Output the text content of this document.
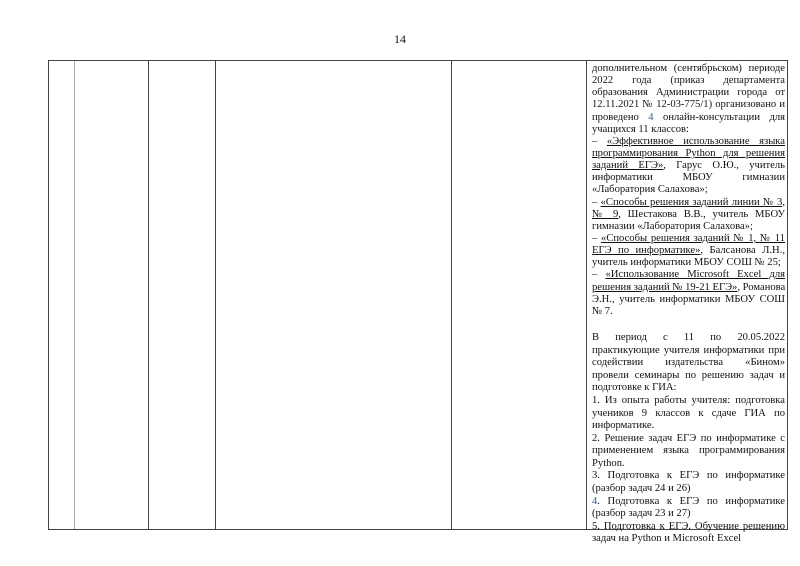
14
дополнительном (сентябрьском) периоде
2022 года (приказ департамента
образования Администрации города от
12.11.2021 № 12-03-775/1) организовано и
проведено 4 онлайн-консультации для
учащихся 11 классов:
– «Эффективное использование языка
программирования Python для решения
заданий ЕГЭ», Гарус О.Ю., учитель
информатики МБОУ гимназии
«Лаборатория Салахова»;
– «Способы решения заданий линии № 3,
№ 9, Шестакова В.В., учитель МБОУ
гимназии «Лаборатория Салахова»;
– «Способы решения заданий № 1, № 11
ЕГЭ по информатике», Балсанова Л.Н.,
учитель информатики МБОУ СОШ № 25;
– «Использование Microsoft Excel для
решения заданий № 19-21 ЕГЭ», Романова
Э.Н., учитель информатики МБОУ СОШ
№ 7.
В период с 11 по 20.05.2022
практикующие учителя информатики при
содействии издательства «Бином»
провели семинары по решению задач и
подготовке к ГИА:
1. Из опыта работы учителя: подготовка
учеников 9 классов к сдаче ГИА по
информатике.
2. Решение задач ЕГЭ по информатике с
применением языка программирования
Python.
3. Подготовка к ЕГЭ по информатике
(разбор задач 24 и 26)
4. Подготовка к ЕГЭ по информатике
(разбор задач 23 и 27)
5. Подготовка к ЕГЭ. Обучение решению
задач на Python и Microsoft Excel
